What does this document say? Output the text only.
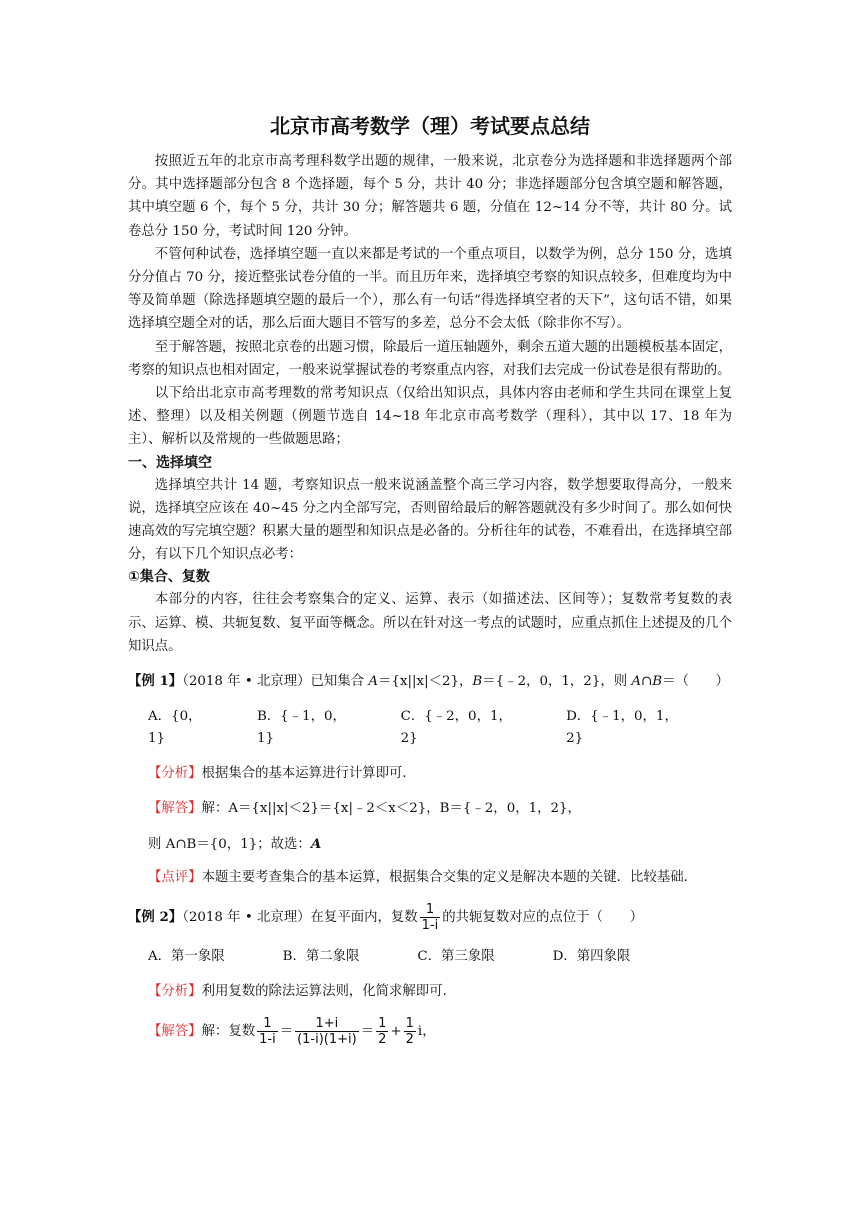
北京市高考数学（理）考试要点总结

按照近五年的北京市高考理科数学出题的规律，一般来说，北京卷分为选择题和非选择题两个部分。其中选择题部分包含 8 个选择题，每个 5 分，共计 40 分；非选择题部分包含填空题和解答题，其中填空题 6 个，每个 5 分，共计 30 分；解答题共 6 题，分值在 12~14 分不等，共计 80 分。试卷总分 150 分，考试时间 120 分钟。

不管何种试卷，选择填空题一直以来都是考试的一个重点项目，以数学为例，总分 150 分，选填分分值占 70 分，接近整张试卷分值的一半。而且历年来，选择填空考察的知识点较多，但难度均为中等及简单题（除选择题填空题的最后一个），那么有一句话“得选择填空者的天下”，这句话不错，如果选择填空题全对的话，那么后面大题目不管写的多差，总分不会太低（除非你不写）。

至于解答题，按照北京卷的出题习惯，除最后一道压轴题外，剩余五道大题的出题模板基本固定，考察的知识点也相对固定，一般来说掌握试卷的考察重点内容，对我们去完成一份试卷是很有帮助的。

以下给出北京市高考理数的常考知识点（仅给出知识点，具体内容由老师和学生共同在课堂上复述、整理）以及相关例题（例题节选自 14~18 年北京市高考数学（理科），其中以 17、18 年为主）、解析以及常规的一些做题思路；

一、选择填空

选择填空共计 14 题，考察知识点一般来说涵盖整个高三学习内容，数学想要取得高分，一般来说，选择填空应该在 40~45 分之内全部写完，否则留给最后的解答题就没有多少时间了。那么如何快速高效的写完填空题？积累大量的题型和知识点是必备的。分析往年的试卷，不难看出，在选择填空部分，有以下几个知识点必考：

①集合、复数

本部分的内容，往往会考察集合的定义、运算、表示（如描述法、区间等）；复数常考复数的表示、运算、模、共轭复数、复平面等概念。所以在针对这一考点的试题时，应重点抓住上述提及的几个知识点。

【例 1】（2018 年 • 北京理）已知集合 A＝{x||x|＜2}，B＝{﹣2，0，1，2}，则 A∩B＝（　　）
A．{0，1}
B．{﹣1，0，1}
C．{﹣2，0，1，2}
D．{﹣1，0，1，2}
【分析】根据集合的基本运算进行计算即可．
【解答】解：A＝{x||x|＜2}＝{x|﹣2＜x＜2}，B＝{﹣2，0，1，2}，
则 A∩B＝{0，1}；故选：A
【点评】本题主要考查集合的基本运算，根据集合交集的定义是解决本题的关键．比较基础．
【例 2】（2018 年 • 北京理）在复平面内，复数 $\frac{1}{1-i}$ 的共轭复数对应的点位于（　　）
A．第一象限	B．第二象限	C．第三象限	D．第四象限
【分析】利用复数的除法运算法则，化简求解即可．
【解答】解：复数 $\frac{1}{1-i} = \frac{1+i}{(1-i)(1+i)} = \frac{1}{2} + \frac{1}{2}$ i，
